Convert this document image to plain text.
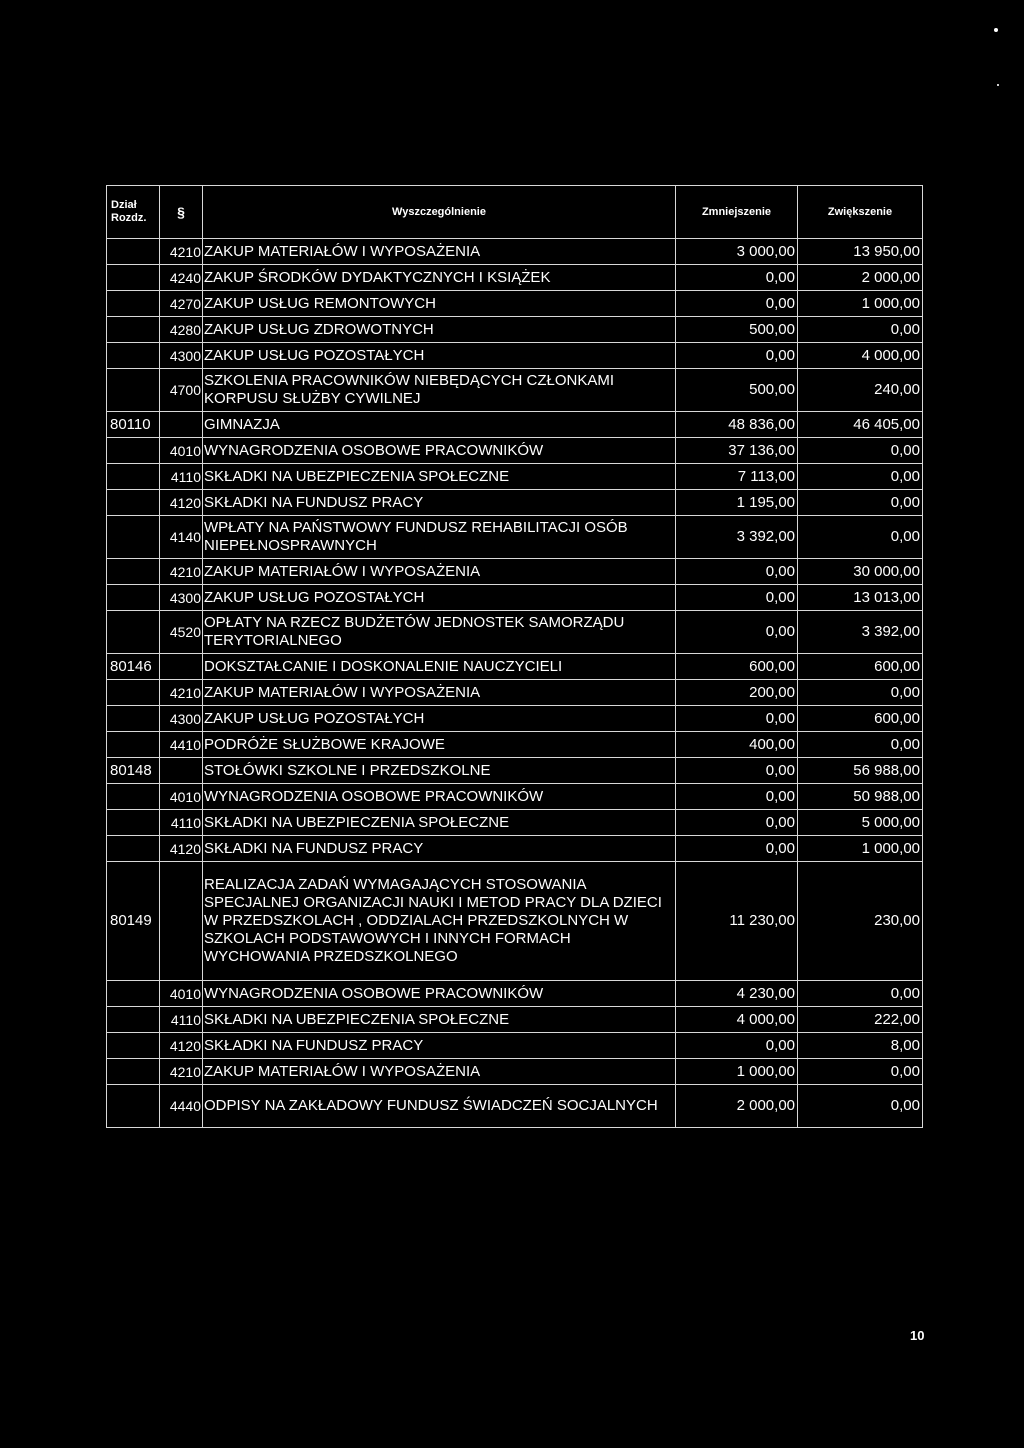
Dział
Rozdz.	§	Wyszczególnienie	Zmniejszenie	Zwiększenie
	4210	ZAKUP MATERIAŁÓW I WYPOSAŻENIA	3 000,00	13 950,00
	4240	ZAKUP ŚRODKÓW DYDAKTYCZNYCH I KSIĄŻEK	0,00	2 000,00
	4270	ZAKUP USŁUG REMONTOWYCH	0,00	1 000,00
	4280	ZAKUP USŁUG ZDROWOTNYCH	500,00	0,00
	4300	ZAKUP USŁUG POZOSTAŁYCH	0,00	4 000,00
	4700	SZKOLENIA PRACOWNIKÓW NIEBĘDĄCYCH CZŁONKAMI KORPUSU SŁUŻBY CYWILNEJ	500,00	240,00
80110		GIMNAZJA	48 836,00	46 405,00
	4010	WYNAGRODZENIA OSOBOWE PRACOWNIKÓW	37 136,00	0,00
	4110	SKŁADKI NA UBEZPIECZENIA SPOŁECZNE	7 113,00	0,00
	4120	SKŁADKI NA FUNDUSZ PRACY	1 195,00	0,00
	4140	WPŁATY NA PAŃSTWOWY FUNDUSZ REHABILITACJI OSÓB NIEPEŁNOSPRAWNYCH	3 392,00	0,00
	4210	ZAKUP MATERIAŁÓW I WYPOSAŻENIA	0,00	30 000,00
	4300	ZAKUP USŁUG POZOSTAŁYCH	0,00	13 013,00
	4520	OPŁATY NA RZECZ BUDŻETÓW JEDNOSTEK SAMORZĄDU TERYTORIALNEGO	0,00	3 392,00
80146		DOKSZTAŁCANIE I DOSKONALENIE NAUCZYCIELI	600,00	600,00
	4210	ZAKUP MATERIAŁÓW I WYPOSAŻENIA	200,00	0,00
	4300	ZAKUP USŁUG POZOSTAŁYCH	0,00	600,00
	4410	PODRÓŻE SŁUŻBOWE KRAJOWE	400,00	0,00
80148		STOŁÓWKI SZKOLNE I PRZEDSZKOLNE	0,00	56 988,00
	4010	WYNAGRODZENIA OSOBOWE PRACOWNIKÓW	0,00	50 988,00
	4110	SKŁADKI NA UBEZPIECZENIA SPOŁECZNE	0,00	5 000,00
	4120	SKŁADKI NA FUNDUSZ PRACY	0,00	1 000,00
80149		REALIZACJA ZADAŃ WYMAGAJĄCYCH STOSOWANIA SPECJALNEJ ORGANIZACJI NAUKI I METOD PRACY DLA DZIECI W PRZEDSZKOLACH , ODDZIALACH PRZEDSZKOLNYCH W SZKOLACH PODSTAWOWYCH I INNYCH FORMACH WYCHOWANIA PRZEDSZKOLNEGO	11 230,00	230,00
	4010	WYNAGRODZENIA OSOBOWE PRACOWNIKÓW	4 230,00	0,00
	4110	SKŁADKI NA UBEZPIECZENIA SPOŁECZNE	4 000,00	222,00
	4120	SKŁADKI NA FUNDUSZ PRACY	0,00	8,00
	4210	ZAKUP MATERIAŁÓW I WYPOSAŻENIA	1 000,00	0,00
	4440	ODPISY NA ZAKŁADOWY FUNDUSZ ŚWIADCZEŃ SOCJALNYCH	2 000,00	0,00
10
